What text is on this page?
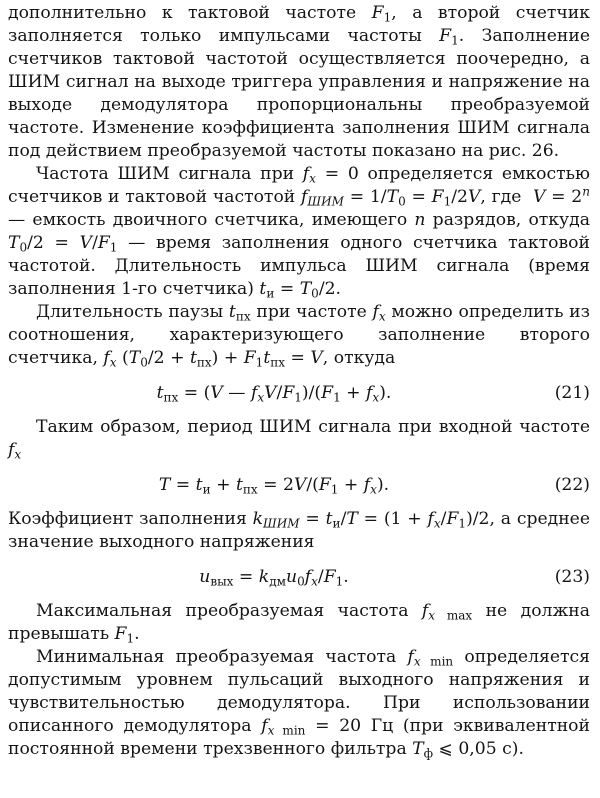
дополнительно к тактовой частоте $F_1$, а второй счетчик заполняется только импульсами частоты $F_1$. Заполнение счетчиков тактовой частотой осуществляется поочередно, а ШИМ сигнал на выходе триггера управления и напряжение на выходе демодулятора пропорциональны преобразуемой частоте. Изменение коэффициента заполнения ШИМ сигнала под действием преобразуемой частоты показано на рис. 26.

Частота ШИМ сигнала при $f_x = 0$ определяется емкостью счетчиков и тактовой частотой $f_{ШИМ} = 1/T_0 = F_1/2V$, где  $V = 2^n$ — емкость двоичного счетчика, имеющего n разрядов, откуда $T_0/2 = V/F_1$ — время заполнения одного счетчика тактовой частотой. Длительность импульса ШИМ сигнала (время заполнения 1-го счетчика) $t_и = T_0/2$.

Длительность паузы $t_{пх}$ при частоте $f_x$ можно определить из соотношения, характеризующего заполнение второго счетчика, $f_x$ $(T_0/2 + t_{пх}) + F_1t_{пх} = V$, откуда

$t_{пх} = (V$ — $f_xV/F_1)/(F_1 + f_x)$.	(21)

Таким образом, период ШИМ сигнала при входной частоте $f_x$

$T = t_и + t_{пх} = 2V/(F_1 + f_x)$.	(22)

Коэффициент заполнения $k_{ШИМ} = t_и/T = (1 + f_x/F_1)/2$, а среднее значение выходного напряжения

$u_{вых} = k_{дм}u_0f_x/F_1$.	(23)

Максимальная преобразуемая частота $f_{x max}$ не должна превышать $F_1$.

Минимальная преобразуемая частота $f_{x min}$ определяется допустимым уровнем пульсаций выходного напряжения и чувствительностью демодулятора. При использовании описанного демодулятора $f_{x min} = 20$ Гц (при эквивалентной постоянной времени трехзвенного фильтра $T_ф$ ⩽ 0,05 с).
